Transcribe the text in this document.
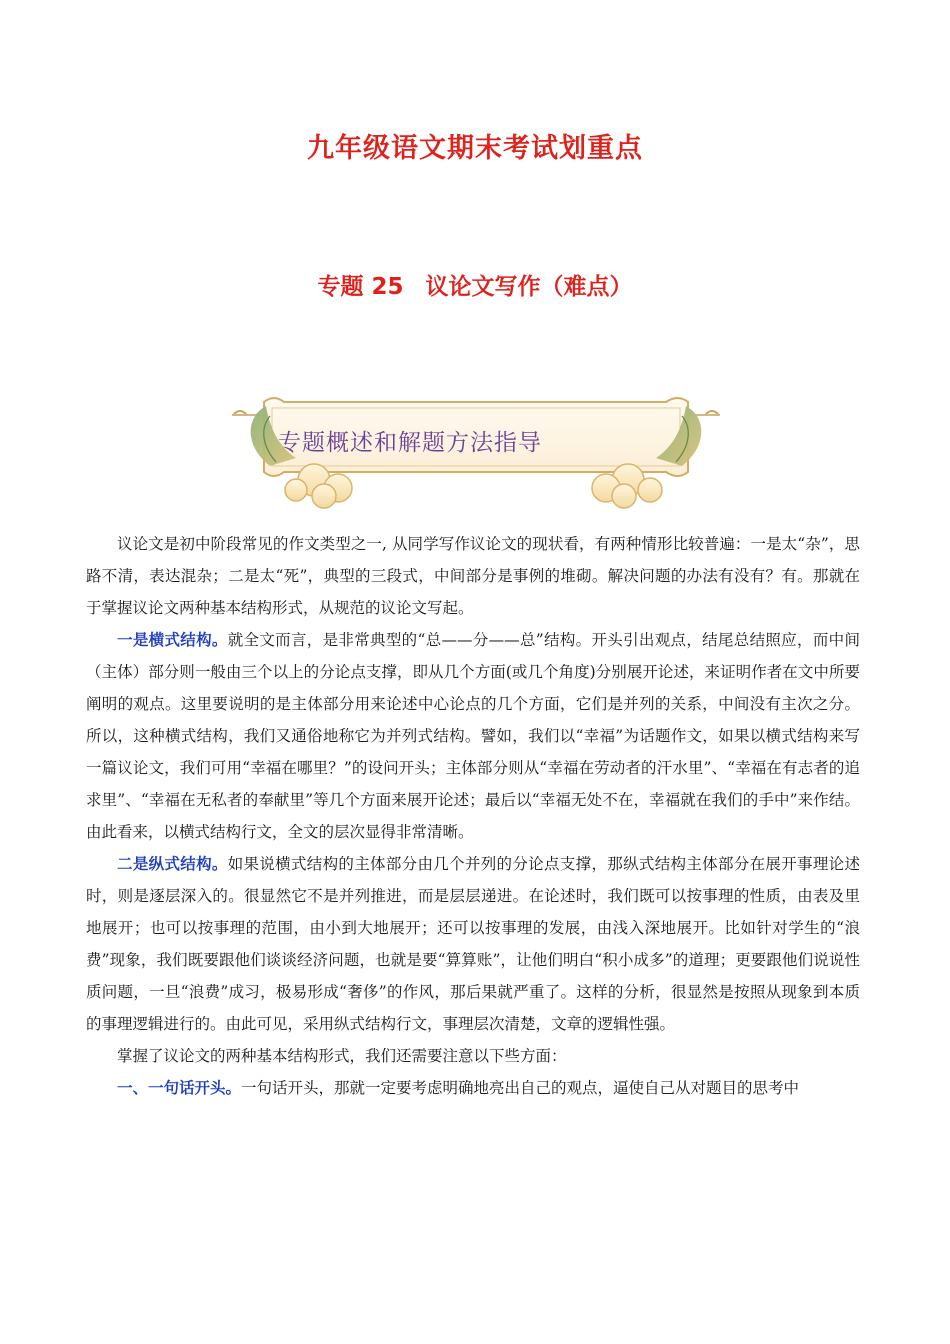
九年级语文期末考试划重点
专题 25 议论文写作（难点）
专题概述和解题方法指导

议论文是初中阶段常见的作文类型之一, 从同学写作议论文的现状看，有两种情形比较普遍：一是太“杂”，思路不清，表达混杂；二是太“死”，典型的三段式，中间部分是事例的堆砌。解决问题的办法有没有？有。那就在于掌握议论文两种基本结构形式，从规范的议论文写起。

一是横式结构。就全文而言，是非常典型的“总——分——总”结构。开头引出观点，结尾总结照应，而中间（主体）部分则一般由三个以上的分论点支撑，即从几个方面(或几个角度)分别展开论述，来证明作者在文中所要阐明的观点。这里要说明的是主体部分用来论述中心论点的几个方面，它们是并列的关系，中间没有主次之分。所以，这种横式结构，我们又通俗地称它为并列式结构。譬如，我们以“幸福”为话题作文，如果以横式结构来写一篇议论文，我们可用“幸福在哪里？”的设问开头；主体部分则从“幸福在劳动者的汗水里”、“幸福在有志者的追求里”、“幸福在无私者的奉献里”等几个方面来展开论述；最后以“幸福无处不在，幸福就在我们的手中”来作结。由此看来，以横式结构行文，全文的层次显得非常清晰。

二是纵式结构。如果说横式结构的主体部分由几个并列的分论点支撑，那纵式结构主体部分在展开事理论述时，则是逐层深入的。很显然它不是并列推进，而是层层递进。在论述时，我们既可以按事理的性质，由表及里地展开；也可以按事理的范围，由小到大地展开；还可以按事理的发展，由浅入深地展开。比如针对学生的“浪费”现象，我们既要跟他们谈谈经济问题，也就是要“算算账”，让他们明白“积小成多”的道理；更要跟他们说说性质问题，一旦“浪费”成习，极易形成“奢侈”的作风，那后果就严重了。这样的分析，很显然是按照从现象到本质的事理逻辑进行的。由此可见，采用纵式结构行文，事理层次清楚，文章的逻辑性强。

掌握了议论文的两种基本结构形式，我们还需要注意以下些方面：

一、一句话开头。一句话开头，那就一定要考虑明确地亮出自己的观点，逼使自己从对题目的思考中
